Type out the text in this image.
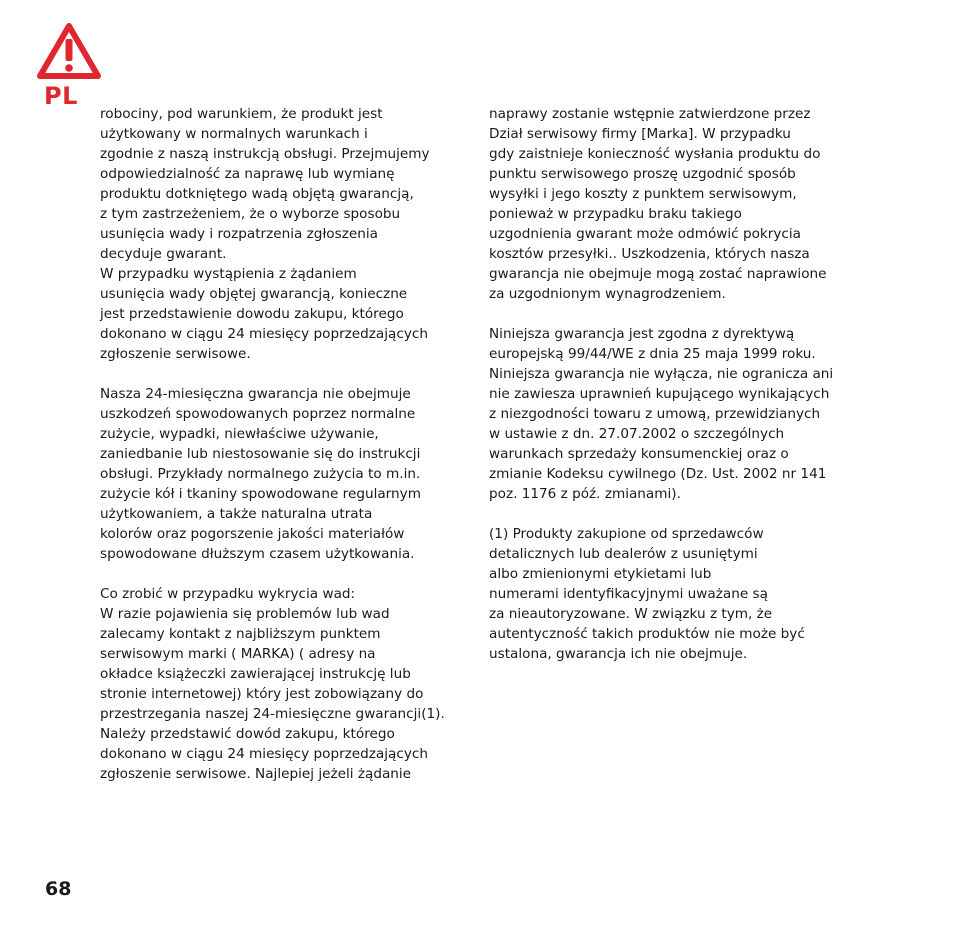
PL
robociny, pod warunkiem, że produkt jest
użytkowany w normalnych warunkach i
zgodnie z naszą instrukcją obsługi. Przejmujemy
odpowiedzialność za naprawę lub wymianę
produktu dotkniętego wadą objętą gwarancją,
z tym zastrzeżeniem, że o wyborze sposobu
usunięcia wady i rozpatrzenia zgłoszenia
decyduje gwarant.
W przypadku wystąpienia z żądaniem
usunięcia wady objętej gwarancją, konieczne
jest przedstawienie dowodu zakupu, którego
dokonano w ciągu 24 miesięcy poprzedzających
zgłoszenie serwisowe.
Nasza 24-miesięczna gwarancja nie obejmuje
uszkodzeń spowodowanych poprzez normalne
zużycie, wypadki, niewłaściwe używanie,
zaniedbanie lub niestosowanie się do instrukcji
obsługi. Przykłady normalnego zużycia to m.in.
zużycie kół i tkaniny spowodowane regularnym
użytkowaniem, a także naturalna utrata
kolorów oraz pogorszenie jakości materiałów
spowodowane dłuższym czasem użytkowania.
Co zrobić w przypadku wykrycia wad:
W razie pojawienia się problemów lub wad
zalecamy kontakt z najbliższym punktem
serwisowym marki ( MARKA) ( adresy na
okładce książeczki zawierającej instrukcję lub
stronie internetowej) który jest zobowiązany do
przestrzegania naszej 24-miesięczne gwarancji(1).
Należy przedstawić dowód zakupu, którego
dokonano w ciągu 24 miesięcy poprzedzających
zgłoszenie serwisowe. Najlepiej jeżeli żądanie
naprawy zostanie wstępnie zatwierdzone przez
Dział serwisowy firmy [Marka]. W przypadku
gdy zaistnieje konieczność wysłania produktu do
punktu serwisowego proszę uzgodnić sposób
wysyłki i jego koszty z punktem serwisowym,
ponieważ w przypadku braku takiego
uzgodnienia gwarant może odmówić pokrycia
kosztów przesyłki.. Uszkodzenia, których nasza
gwarancja nie obejmuje mogą zostać naprawione
za uzgodnionym wynagrodzeniem.
Niniejsza gwarancja jest zgodna z dyrektywą
europejską 99/44/WE z dnia 25 maja 1999 roku.
Niniejsza gwarancja nie wyłącza, nie ogranicza ani
nie zawiesza uprawnień kupującego wynikających
z niezgodności towaru z umową, przewidzianych
w ustawie z dn. 27.07.2002 o szczególnych
warunkach sprzedaży konsumenckiej oraz o
zmianie Kodeksu cywilnego (Dz. Ust. 2002 nr 141
poz. 1176 z póź. zmianami).
(1) Produkty zakupione od sprzedawców
detalicznych lub dealerów z usuniętymi
albo zmienionymi etykietami lub
numerami identyfikacyjnymi uważane są
za nieautoryzowane. W związku z tym, że
autentyczność takich produktów nie może być
ustalona, gwarancja ich nie obejmuje.
68
